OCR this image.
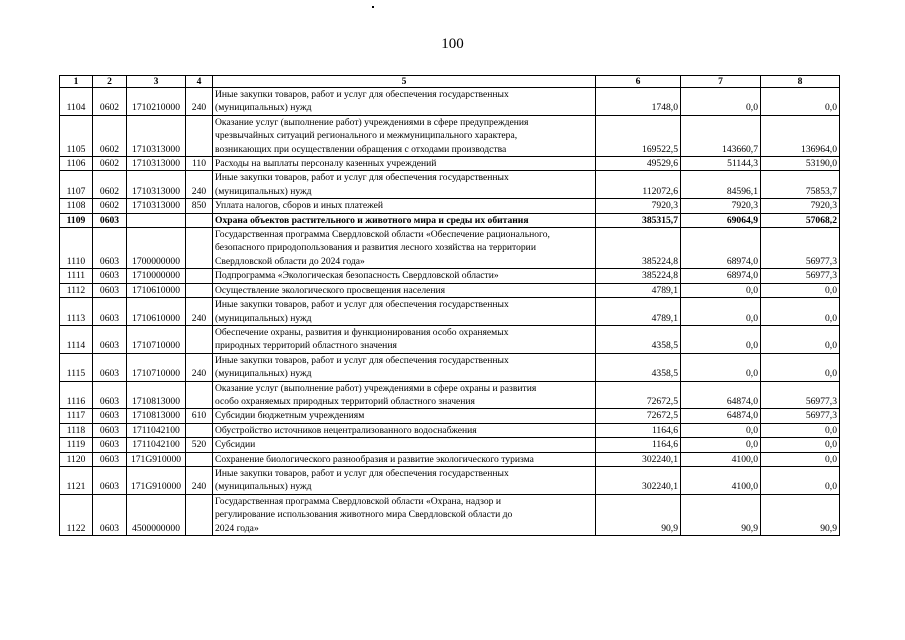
100
1	2	3	4	5	6	7	8
1104	0602	1710210000	240	Иные закупки товаров, работ и услуг для обеспечения государственных
(муниципальных) нужд	1748,0	0,0	0,0
1105	0602	1710313000		Оказание услуг (выполнение работ) учреждениями в сфере предупреждения
чрезвычайных ситуаций регионального и межмуниципального характера,
возникающих при осуществлении обращения с отходами производства	169522,5	143660,7	136964,0
1106	0602	1710313000	110	Расходы на выплаты персоналу казенных учреждений	49529,6	51144,3	53190,0
1107	0602	1710313000	240	Иные закупки товаров, работ и услуг для обеспечения государственных
(муниципальных) нужд	112072,6	84596,1	75853,7
1108	0602	1710313000	850	Уплата налогов, сборов и иных платежей	7920,3	7920,3	7920,3
1109	0603			Охрана объектов растительного и животного мира и среды их обитания	385315,7	69064,9	57068,2
1110	0603	1700000000		Государственная программа Свердловской области «Обеспечение рационального,
безопасного природопользования и развития лесного хозяйства на территории
Свердловской области до 2024 года»	385224,8	68974,0	56977,3
1111	0603	1710000000		Подпрограмма «Экологическая безопасность Свердловской области»	385224,8	68974,0	56977,3
1112	0603	1710610000		Осуществление экологического просвещения населения	4789,1	0,0	0,0
1113	0603	1710610000	240	Иные закупки товаров, работ и услуг для обеспечения государственных
(муниципальных) нужд	4789,1	0,0	0,0
1114	0603	1710710000		Обеспечение охраны, развития и функционирования особо охраняемых
природных территорий областного значения	4358,5	0,0	0,0
1115	0603	1710710000	240	Иные закупки товаров, работ и услуг для обеспечения государственных
(муниципальных) нужд	4358,5	0,0	0,0
1116	0603	1710813000		Оказание услуг (выполнение работ) учреждениями в сфере охраны и развития
особо охраняемых природных территорий областного значения	72672,5	64874,0	56977,3
1117	0603	1710813000	610	Субсидии бюджетным учреждениям	72672,5	64874,0	56977,3
1118	0603	1711042100		Обустройство источников нецентрализованного водоснабжения	1164,6	0,0	0,0
1119	0603	1711042100	520	Субсидии	1164,6	0,0	0,0
1120	0603	171G910000		Сохранение биологического разнообразия и развитие экологического туризма	302240,1	4100,0	0,0
1121	0603	171G910000	240	Иные закупки товаров, работ и услуг для обеспечения государственных
(муниципальных) нужд	302240,1	4100,0	0,0
1122	0603	4500000000		Государственная программа Свердловской области «Охрана, надзор и
регулирование использования животного мира Свердловской области до
2024 года»	90,9	90,9	90,9
